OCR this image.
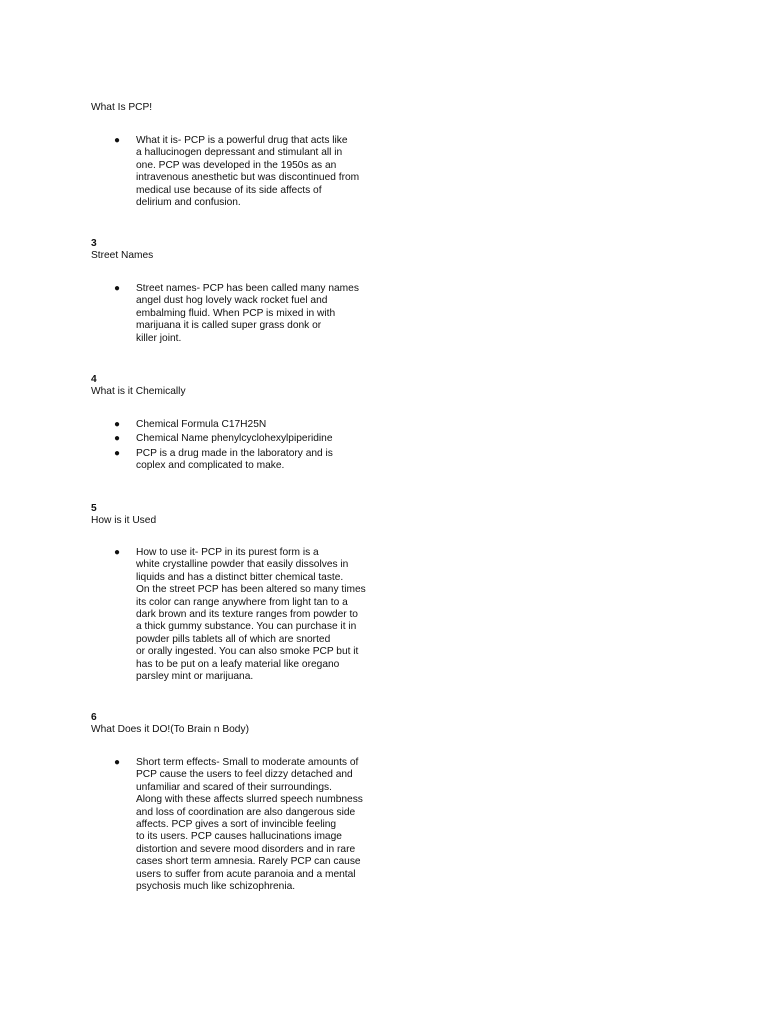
What Is PCP!
● What it is- PCP is a powerful drug that acts like
a hallucinogen depressant and stimulant all in
one. PCP was developed in the 1950s as an
intravenous anesthetic but was discontinued from
medical use because of its side affects of
delirium and confusion.
3
Street Names
● Street names- PCP has been called many names
angel dust hog lovely wack rocket fuel and
embalming fluid. When PCP is mixed in with
marijuana it is called super grass donk or
killer joint.
4
What is it Chemically
● Chemical Formula C17H25N
● Chemical Name phenylcyclohexylpiperidine
● PCP is a drug made in the laboratory and is
coplex and complicated to make.
5
How is it Used
● How to use it- PCP in its purest form is a
white crystalline powder that easily dissolves in
liquids and has a distinct bitter chemical taste.
On the street PCP has been altered so many times
its color can range anywhere from light tan to a
dark brown and its texture ranges from powder to
a thick gummy substance. You can purchase it in
powder pills tablets all of which are snorted
or orally ingested. You can also smoke PCP but it
has to be put on a leafy material like oregano
parsley mint or marijuana.
6
What Does it DO!(To Brain n Body)
● Short term effects- Small to moderate amounts of
PCP cause the users to feel dizzy detached and
unfamiliar and scared of their surroundings.
Along with these affects slurred speech numbness
and loss of coordination are also dangerous side
affects. PCP gives a sort of invincible feeling
to its users. PCP causes hallucinations image
distortion and severe mood disorders and in rare
cases short term amnesia. Rarely PCP can cause
users to suffer from acute paranoia and a mental
psychosis much like schizophrenia.
